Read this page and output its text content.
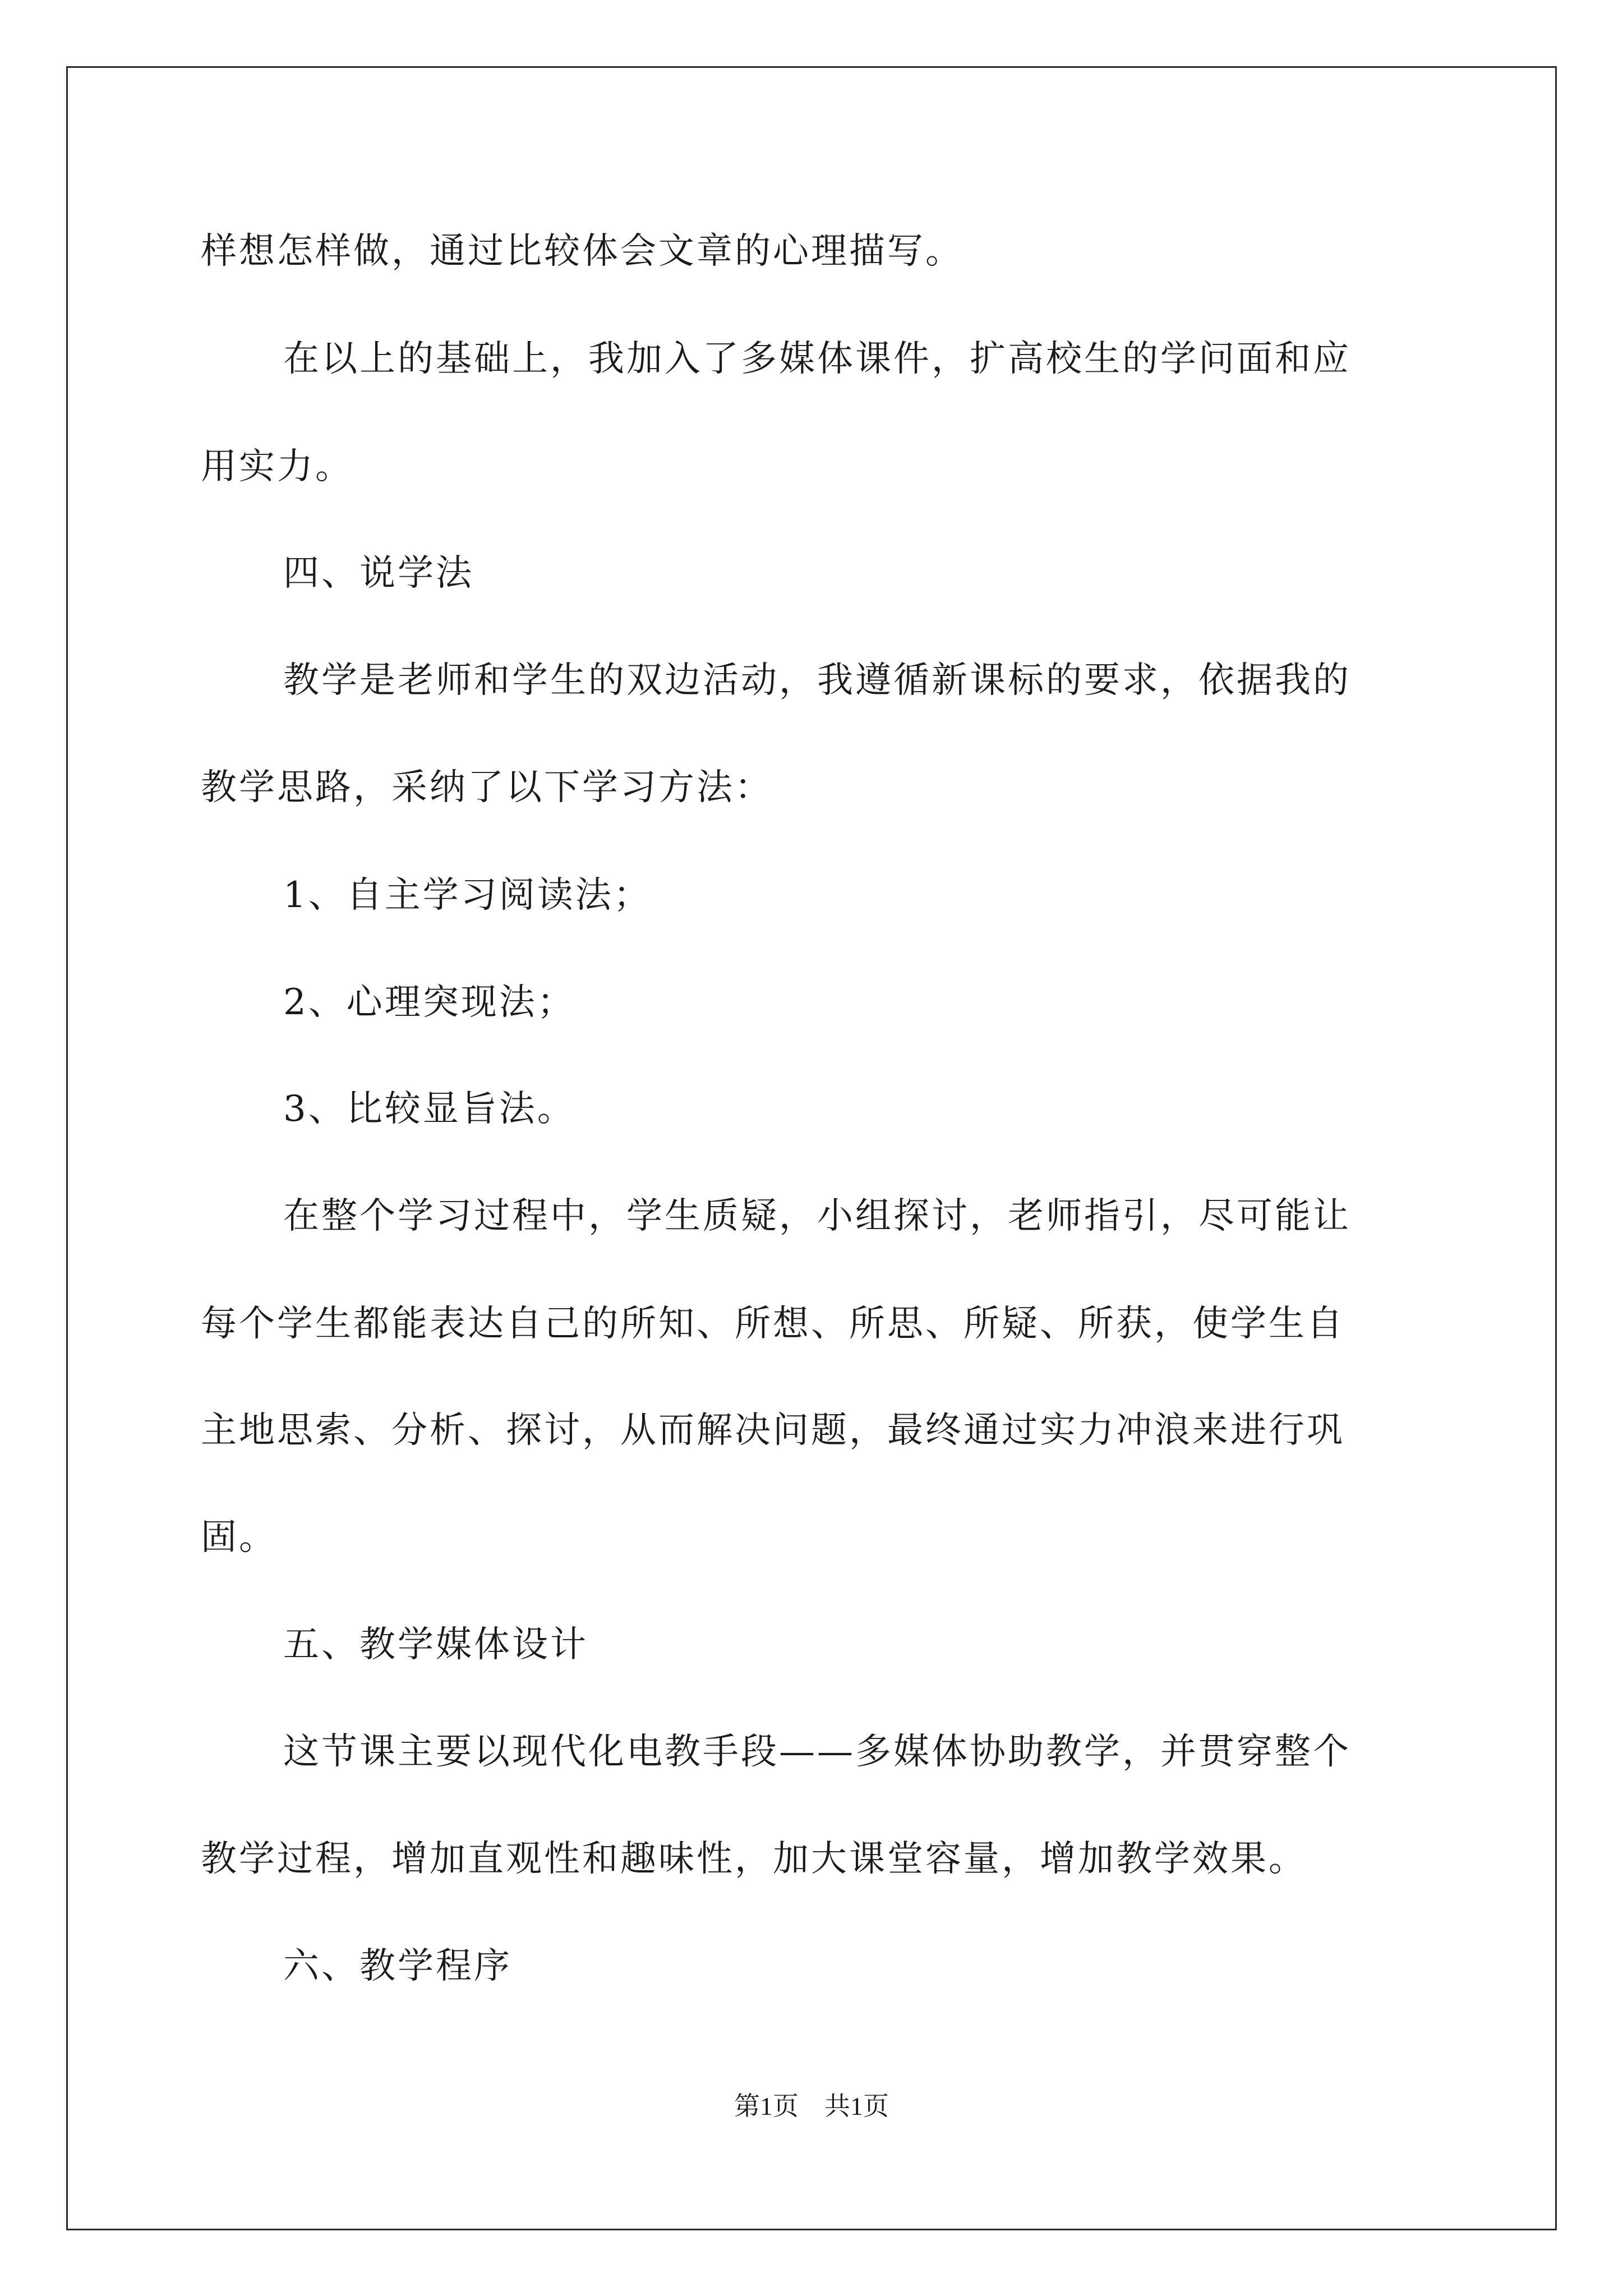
样想怎样做，通过比较体会文章的心理描写。
在以上的基础上，我加入了多媒体课件，扩高校生的学问面和应
用实力。
四、说学法
教学是老师和学生的双边活动，我遵循新课标的要求，依据我的
教学思路，采纳了以下学习方法：
1、自主学习阅读法；
2、心理突现法；
3、比较显旨法。
在整个学习过程中，学生质疑，小组探讨，老师指引，尽可能让
每个学生都能表达自己的所知、所想、所思、所疑、所获，使学生自
主地思索、分析、探讨，从而解决问题，最终通过实力冲浪来进行巩
固。
五、教学媒体设计
这节课主要以现代化电教手段——多媒体协助教学，并贯穿整个
教学过程，增加直观性和趣味性，加大课堂容量，增加教学效果。
六、教学程序
第1页　共1页
